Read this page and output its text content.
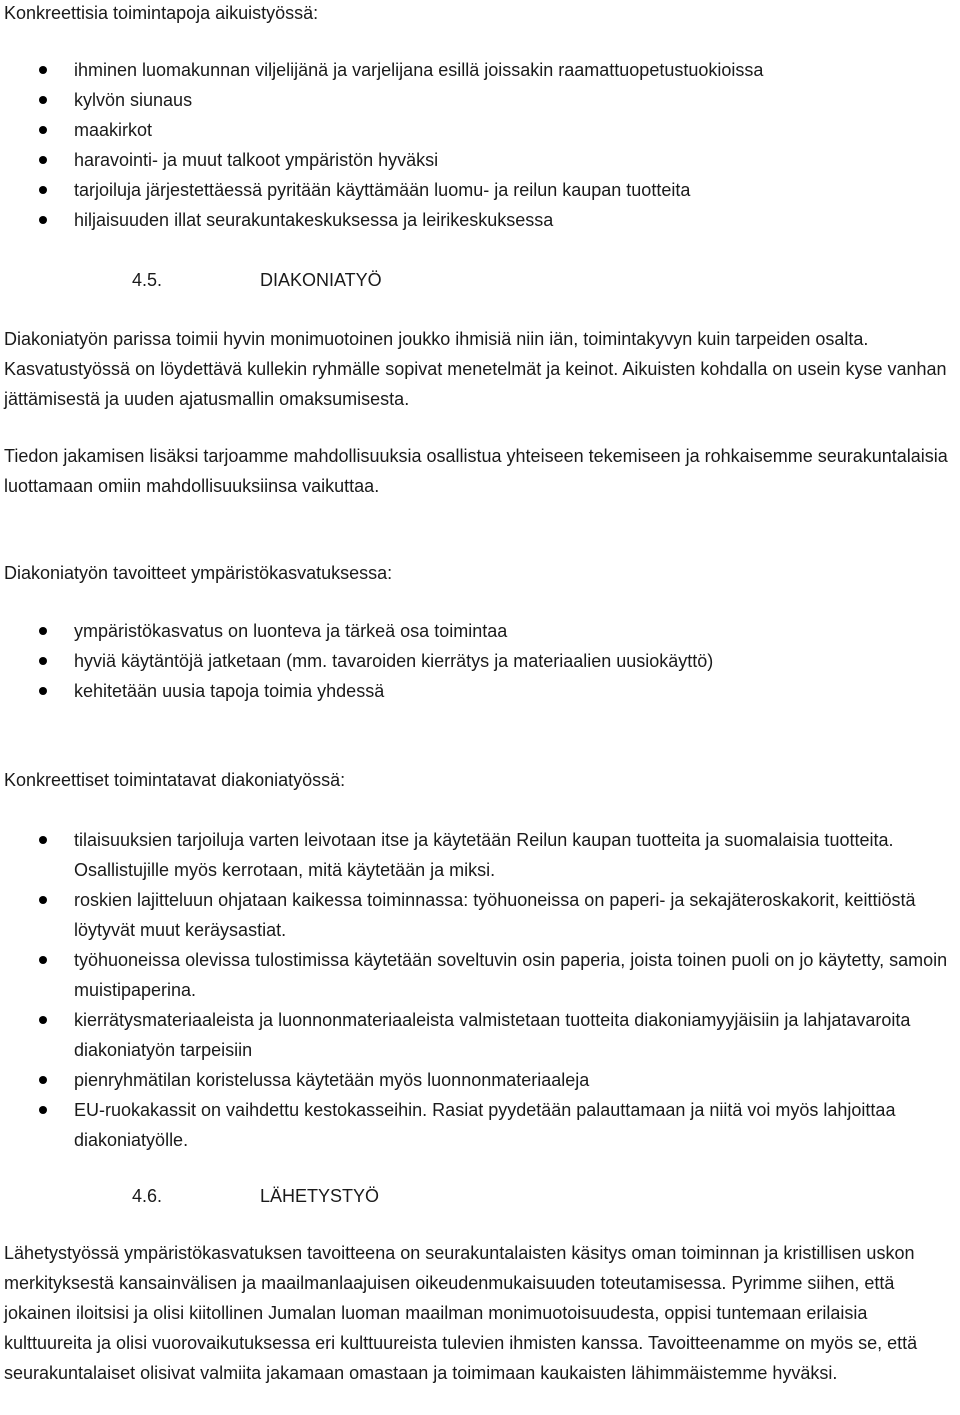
Konkreettisia toimintapoja aikuistyössä:

ihminen luomakunnan viljelijänä ja varjelijana esillä joissakin raamattuopetustuokioissa
kylvön siunaus
maakirkot
haravointi- ja muut talkoot ympäristön hyväksi
tarjoiluja järjestettäessä pyritään käyttämään luomu- ja reilun kaupan tuotteita
hiljaisuuden illat seurakuntakeskuksessa ja leirikeskuksessa
4.5.	DIAKONIATYÖ

Diakoniatyön parissa toimii hyvin monimuotoinen joukko ihmisiä niin iän, toimintakyvyn kuin tarpeiden osalta. Kasvatustyössä on löydettävä kullekin ryhmälle sopivat menetelmät ja keinot. Aikuisten kohdalla on usein kyse vanhan jättämisestä ja uuden ajatusmallin omaksumisesta.

Tiedon jakamisen lisäksi tarjoamme mahdollisuuksia osallistua yhteiseen tekemiseen ja rohkaisemme seurakuntalaisia luottamaan omiin mahdollisuuksiinsa vaikuttaa.

Diakoniatyön tavoitteet ympäristökasvatuksessa:

ympäristökasvatus on luonteva ja tärkeä osa toimintaa
hyviä käytäntöjä jatketaan (mm. tavaroiden kierrätys ja materiaalien uusiokäyttö)
kehitetään uusia tapoja toimia yhdessä

Konkreettiset toimintatavat diakoniatyössä:

tilaisuuksien tarjoiluja varten leivotaan itse ja käytetään Reilun kaupan tuotteita ja suomalaisia tuotteita. Osallistujille myös kerrotaan, mitä käytetään ja miksi.
roskien lajitteluun ohjataan kaikessa toiminnassa: työhuoneissa on paperi- ja sekajäteroskakorit, keittiöstä löytyvät muut keräysastiat.
työhuoneissa olevissa tulostimissa käytetään soveltuvin osin paperia, joista toinen puoli on jo käytetty, samoin muistipaperina.
kierrätysmateriaaleista ja luonnonmateriaaleista valmistetaan tuotteita diakoniamyyjäisiin ja lahjatavaroita diakoniatyön tarpeisiin
pienryhmätilan koristelussa käytetään myös luonnonmateriaaleja
EU-ruokakassit on vaihdettu kestokasseihin. Rasiat pyydetään palauttamaan ja niitä voi myös lahjoittaa diakoniatyölle.
4.6.	LÄHETYSTYÖ

Lähetystyössä ympäristökasvatuksen tavoitteena on seurakuntalaisten käsitys oman toiminnan ja kristillisen uskon merkityksestä kansainvälisen ja maailmanlaajuisen oikeudenmukaisuuden toteutamisessa. Pyrimme siihen, että jokainen iloitsisi ja olisi kiitollinen Jumalan luoman maailman monimuotoisuudesta, oppisi tuntemaan erilaisia kulttuureita ja olisi vuorovaikutuksessa eri kulttuureista tulevien ihmisten kanssa. Tavoitteenamme on myös se, että seurakuntalaiset olisivat valmiita jakamaan omastaan ja toimimaan kaukaisten lähimmäistemme hyväksi.
